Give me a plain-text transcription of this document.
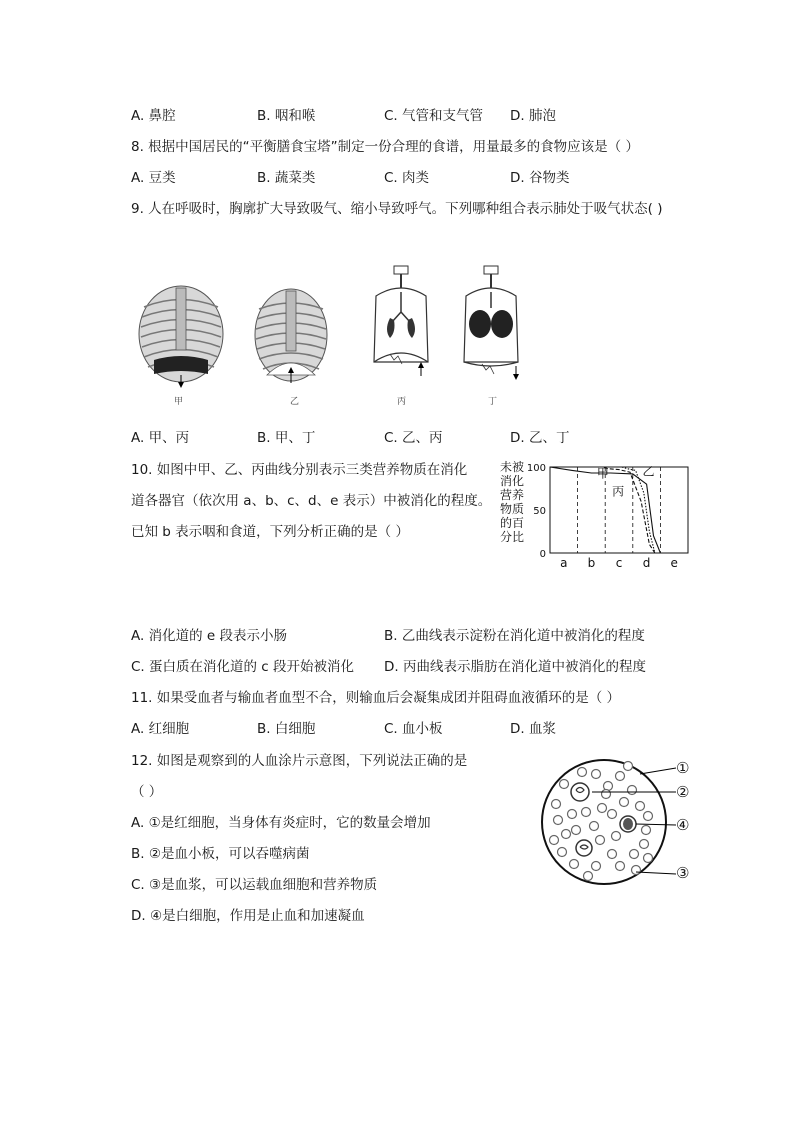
A. 鼻腔	B. 咽和喉	C. 气管和支气管 D. 肺泡
8. 根据中国居民的“平衡膳食宝塔”制定一份合理的食谱，用量最多的食物应该是（ ）
A. 豆类	B. 蔬菜类	C. 肉类	D. 谷物类
9. 人在呼吸时，胸廓扩大导致吸气、缩小导致呼气。下列哪种组合表示肺处于吸气状态( )
甲	乙	丙	丁
A. 甲、丙	B. 甲、丁	C. 乙、丙	D. 乙、丁
10. 如图中甲、乙、丙曲线分别表示三类营养物质在消化
道各器官（依次用 a、b、c、d、e 表示）中被消化的程度。
已知 b 表示咽和食道，下列分析正确的是（ ）
未被
消化
营养
物质
的百
分比
100
50
0
a b c d e
甲
丙
乙
A. 消化道的 e 段表示小肠	B. 乙曲线表示淀粉在消化道中被消化的程度
C. 蛋白质在消化道的 c 段开始被消化 D. 丙曲线表示脂肪在消化道中被消化的程度
11. 如果受血者与输血者血型不合，则输血后会凝集成团并阻碍血液循环的是（ ）
A. 红细胞	B. 白细胞	C. 血小板	D. 血浆
12. 如图是观察到的人血涂片示意图，下列说法正确的是
（ ）
A. ①是红细胞，当身体有炎症时，它的数量会增加
B. ②是血小板，可以吞噬病菌
C. ③是血浆，可以运载血细胞和营养物质
D. ④是白细胞，作用是止血和加速凝血
①
②
④
③
